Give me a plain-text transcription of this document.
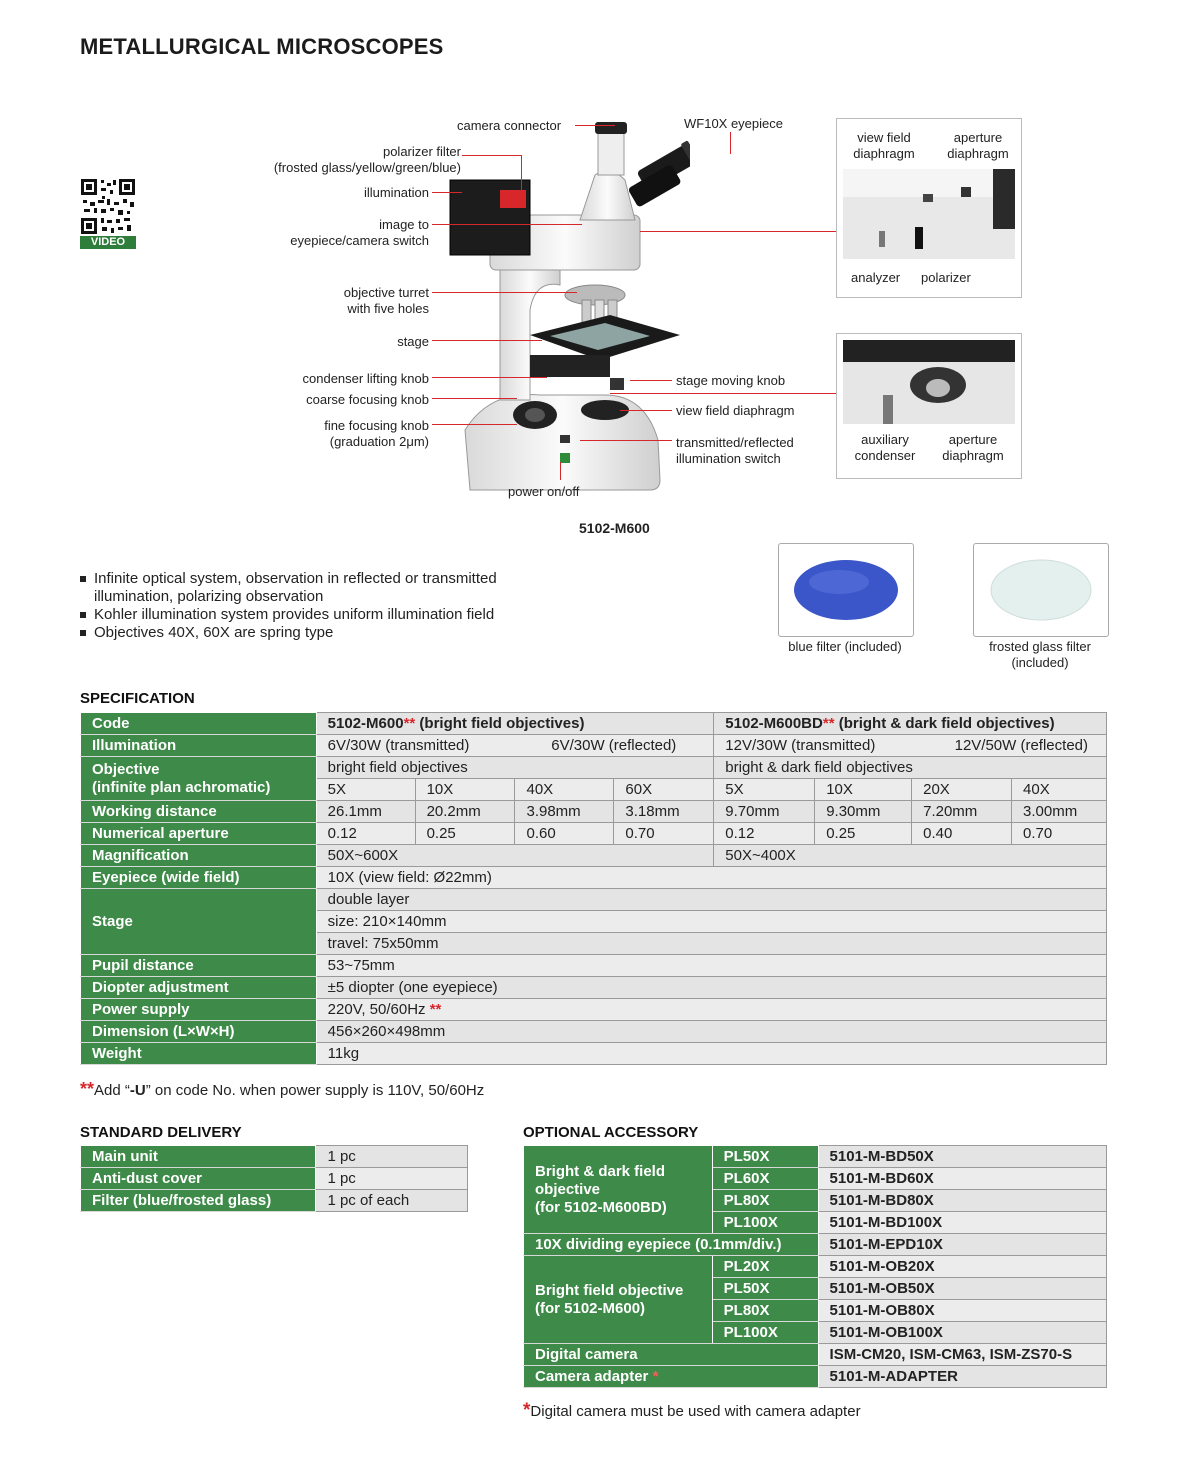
METALLURGICAL MICROSCOPES
VIDEO
camera connector	WF10X eyepiece
polarizer filter
(frosted glass/yellow/green/blue)
illumination
image to
eyepiece/camera switch
objective turret
with five holes
stage
condenser lifting knob
coarse focusing knob
fine focusing knob
(graduation 2μm)
stage moving knob
view field diaphragm
transmitted/reflected
illumination switch
power on/off
5102-M600
view field
diaphragm
aperture
diaphragm
analyzer polarizer
auxiliary
condenser
aperture
diaphragm
Infinite optical system, observation in reflected or transmitted
illumination, polarizing observation
Kohler illumination system provides uniform illumination field
Objectives 40X, 60X are spring type
blue filter (included)	frosted glass filter
(included)
SPECIFICATION
Code	5102-M600** (bright field objectives)				5102-M600BD** (bright & dark field objectives)			
Illumination	6V/30W (transmitted) 6V/30W (reflected)				12V/30W (transmitted) 12V/50W (reflected)			

Objective
(infinite plan achromatic)	bright field objectives				bright & dark field objectives			
	5X	10X	40X	60X	5X	10X	20X	40X
Working distance	26.1mm	20.2mm	3.98mm	3.18mm	9.70mm	9.30mm	7.20mm	3.00mm
Numerical aperture	0.12	0.25	0.60	0.70	0.12	0.25	0.40	0.70
Magnification	50X~600X				50X~400X			
Eyepiece (wide field)	10X (view field: Ø22mm)							
Stage	double layer							
	size: 210×140mm							
	travel: 75x50mm							
Pupil distance	53~75mm							
Diopter adjustment	±5 diopter (one eyepiece)							
Power supply	220V, 50/60Hz **							
Dimension (L×W×H)	456×260×498mm							
Weight	11kg							
**Add “-U” on code No. when power supply is 110V, 50/60Hz
STANDARD DELIVERY
Main unit	1 pc
Anti-dust cover	1 pc
Filter (blue/frosted glass)	1 pc of each
OPTIONAL ACCESSORY
Bright & dark field
objective
(for 5102-M600BD)	PL50X	5101-M-BD50X
	PL60X	5101-M-BD60X
	PL80X	5101-M-BD80X
	PL100X	5101-M-BD100X
10X dividing eyepiece (0.1mm/div.)		5101-M-EPD10X
Bright field objective
(for 5102-M600)	PL20X	5101-M-OB20X
	PL50X	5101-M-OB50X
	PL80X	5101-M-OB80X
	PL100X	5101-M-OB100X
Digital camera		ISM-CM20, ISM-CM63, ISM-ZS70-S
Camera adapter *		5101-M-ADAPTER
*Digital camera must be used with camera adapter
